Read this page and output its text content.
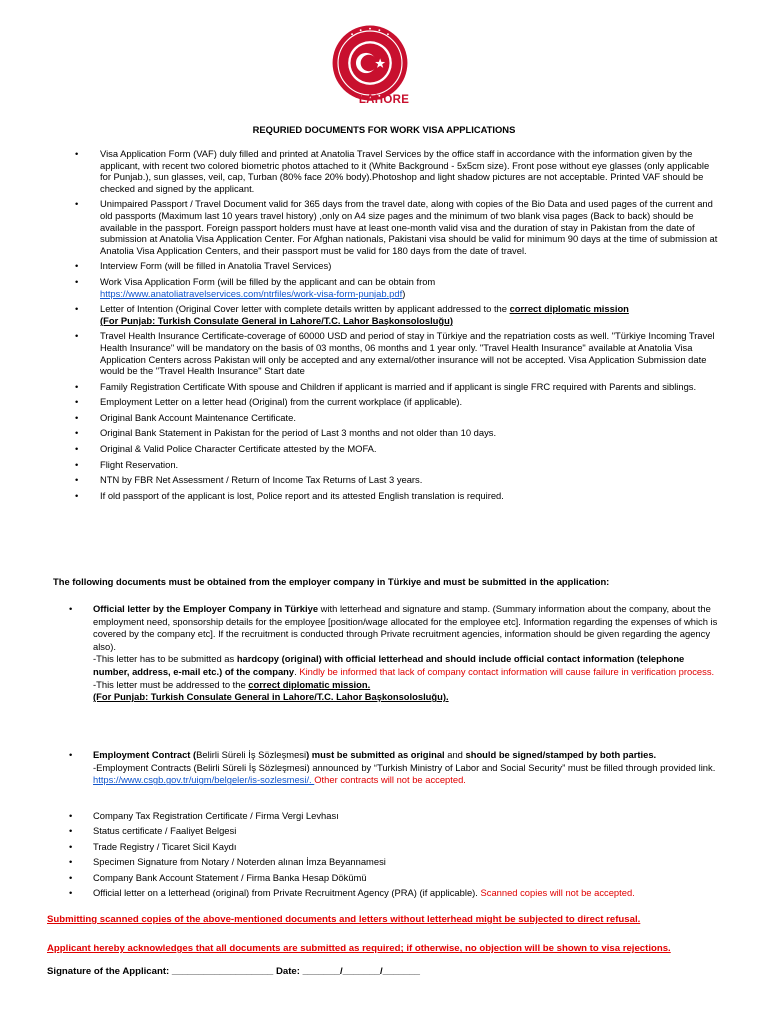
LAHORE
REQURIED DOCUMENTS FOR WORK VISA APPLICATIONS
• Visa Application Form (VAF) duly filled and printed at Anatolia Travel Services by the office staff in accordance with the information given by the applicant, with recent two colored biometric photos attached to it (White Background - 5x5cm size). Front pose without eye glasses (only applicable for Punjab.), sun glasses, veil, cap, Turban (80% face 20% body).Photoshop and light shadow pictures are not acceptable. Printed VAF should be checked and signed by the applicant.
• Unimpaired Passport / Travel Document valid for 365 days from the travel date, along with copies of the Bio Data and used pages of the current and old passports (Maximum last 10 years travel history) ,only on A4 size pages and the minimum of two blank visa pages (Back to back) should be available in the passport. Foreign passport holders must have at least one-month valid visa and the duration of stay in Pakistan from the date of submission at Anatolia Visa Application Center. For Afghan nationals, Pakistani visa should be valid for minimum 90 days at the time of submission at Anatolia Visa Application Centers, and their passport must be valid for 180 days from the date of travel.
• Interview Form (will be filled in Anatolia Travel Services)
• Work Visa Application Form (will be filled by the applicant and can be obtain from
https://www.anatoliatravelservices.com/ntrfiles/work-visa-form-punjab.pdf)
• Letter of Intention (Original Cover letter with complete details written by applicant addressed to the correct diplomatic mission
(For Punjab: Turkish Consulate General in Lahore/T.C. Lahor Başkonsolosluğu)
• Travel Health Insurance Certificate-coverage of 60000 USD and period of stay in Türkiye and the repatriation costs as well. "Türkiye Incoming Travel Health Insurance" will be mandatory on the basis of 03 months, 06 months and 1 year only. "Travel Health Insurance" available at Anatolia Visa Application Centers across Pakistan will only be accepted and any external/other insurance will not be accepted. Visa Application Submission date would be the "Travel Health Insurance" Start date
• Family Registration Certificate With spouse and Children if applicant is married and if applicant is single FRC required with Parents and siblings.
• Employment Letter on a letter head (Original) from the current workplace (if applicable).
• Original Bank Account Maintenance Certificate.
• Original Bank Statement in Pakistan for the period of Last 3 months and not older than 10 days.
• Original & Valid Police Character Certificate attested by the MOFA.
• Flight Reservation.
• NTN by FBR Net Assessment / Return of Income Tax Returns of Last 3 years.
• If old passport of the applicant is lost, Police report and its attested English translation is required.
The following documents must be obtained from the employer company in Türkiye and must be submitted in the application:
• Official letter by the Employer Company in Türkiye with letterhead and signature and stamp. (Summary information about the company, about the employment need, sponsorship details for the employee [position/wage allocated for the employee etc]. Information regarding the expenses of which is covered by the company etc]. If the recruitment is conducted through Private recruitment agencies, information should be given regarding the agency also).
-This letter has to be submitted as hardcopy (original) with official letterhead and should include official contact information (telephone number, address, e-mail etc.) of the company. Kindly be informed that lack of company contact information will cause failure in verification process.
-This letter must be addressed to the correct diplomatic mission.
(For Punjab: Turkish Consulate General in Lahore/T.C. Lahor Başkonsolosluğu).
• Employment Contract (Belirli Süreli İş Sözleşmesi) must be submitted as original and should be signed/stamped by both parties.
-Employment Contracts (Belirli Süreli İş Sözleşmesi) announced by “Turkish Ministry of Labor and Social Security” must be filled through provided link. https://www.csgb.gov.tr/uigm/belgeler/is-sozlesmesi/. Other contracts will not be accepted.
• Company Tax Registration Certificate / Firma Vergi Levhası
• Status certificate / Faaliyet Belgesi
• Trade Registry / Ticaret Sicil Kaydı
• Specimen Signature from Notary / Noterden alınan İmza Beyannamesi
• Company Bank Account Statement / Firma Banka Hesap Dökümü
• Official letter on a letterhead (original) from Private Recruitment Agency (PRA) (if applicable). Scanned copies will not be accepted.
Submitting scanned copies of the above-mentioned documents and letters without letterhead might be subjected to direct refusal.
Applicant hereby acknowledges that all documents are submitted as required; if otherwise, no objection will be shown to visa rejections.
Signature of the Applicant: ___________________ Date: _______/_______/_______
